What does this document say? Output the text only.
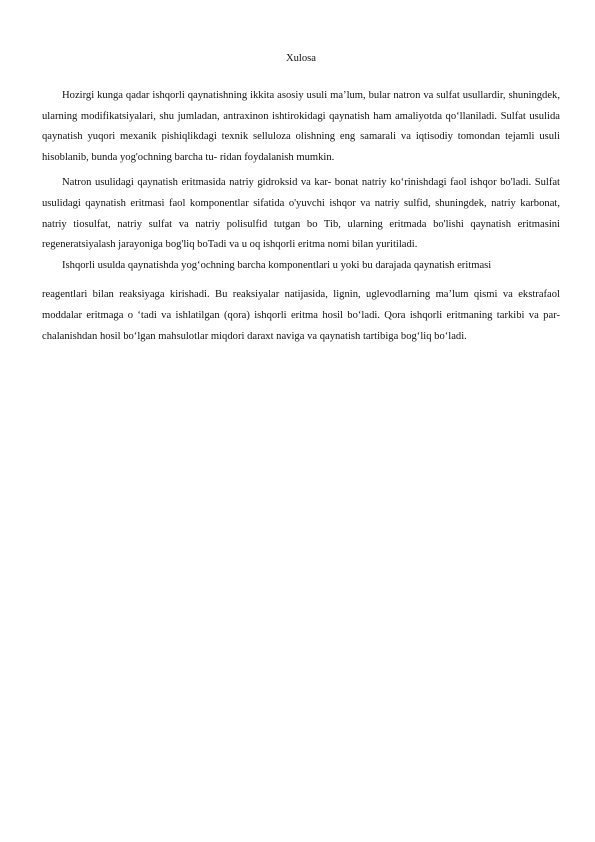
Xulosa

Hozirgi kunga qadar ishqorli qaynatishning ikkita asosiy usuli ma’lum, bular natron va sulfat usullardir, shuningdek, ularning modifikatsiyalari, shu jumladan, antraxinon ishtirokidagi qaynatish ham amaliyotda qo‘llaniladi. Sulfat usulida qaynatish yuqori mexanik pishiqlikdagi texnik selluloza olishning eng samarali va iqtisodiy tomondan tejamli usuli hisoblanib, bunda yog'ochning barcha tu- ridan foydalanish mumkin.

Natron usulidagi qaynatish eritmasida natriy gidroksid va kar- bonat natriy ko‘rinishdagi faol ishqor bo'ladi. Sulfat usulidagi qaynatish eritmasi faol komponentlar sifatida o'yuvchi ishqor va natriy sulfid, shuningdek, natriy karbonat, natriy tiosulfat, natriy sulfat va natriy polisulfid tutgan bo Tib, ularning eritmada bo'lishi qaynatish eritmasini regeneratsiyalash jarayoniga bog'liq boTadi va u oq ishqorli eritma nomi bilan yuritiladi.

Ishqorli usulda qaynatishda yog‘ochning barcha komponentlari u yoki bu darajada qaynatish eritmasi

reagentlari bilan reaksiyaga kirishadi. Bu reaksiyalar natijasida, lignin, uglevodlarning ma’lum qismi va ekstrafaol moddalar eritmaga o ‘tadi va ishlatilgan (qora) ishqorli eritma hosil bo‘ladi. Qora ishqorli eritmaning tarkibi va par- chalanishdan hosil bo‘lgan mahsulotlar miqdori daraxt naviga va qaynatish tartibiga bog‘liq bo‘ladi.
